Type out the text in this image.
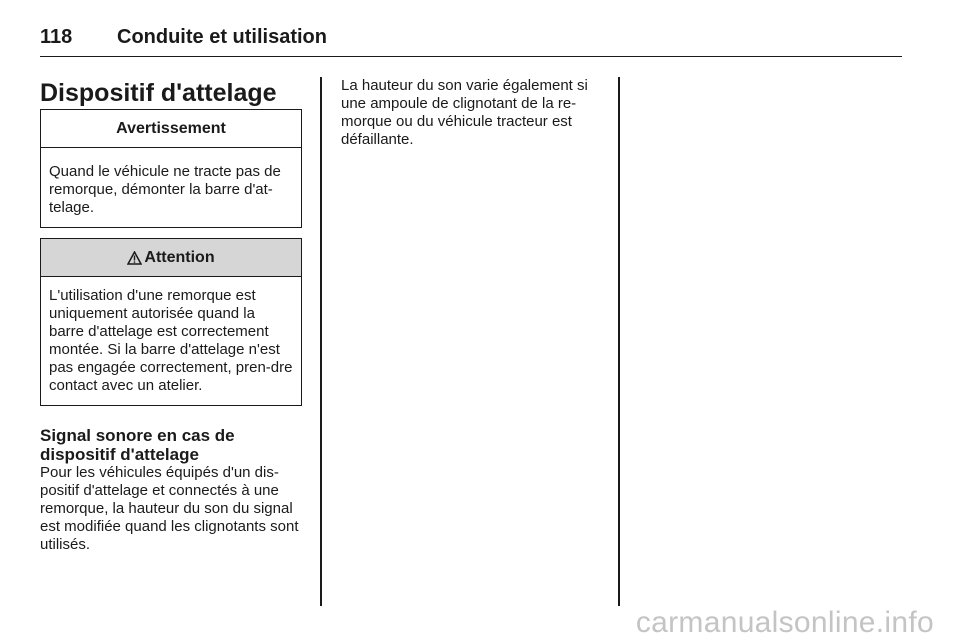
118	Conduite et utilisation
Dispositif d'attelage
Avertissement
Quand le véhicule ne tracte pas de remorque, démonter la barre d'at-telage.
Attention
L'utilisation d'une remorque est uniquement autorisée quand la barre d'attelage est correctement montée. Si la barre d'attelage n'est pas engagée correctement, pren-dre contact avec un atelier.
Signal sonore en cas de dispositif d'attelage
Pour les véhicules équipés d'un dis-positif d'attelage et connectés à une remorque, la hauteur du son du signal est modifiée quand les clignotants sont utilisés.
La hauteur du son varie également si une ampoule de clignotant de la re-morque ou du véhicule tracteur est défaillante.
carmanualsonline.info
